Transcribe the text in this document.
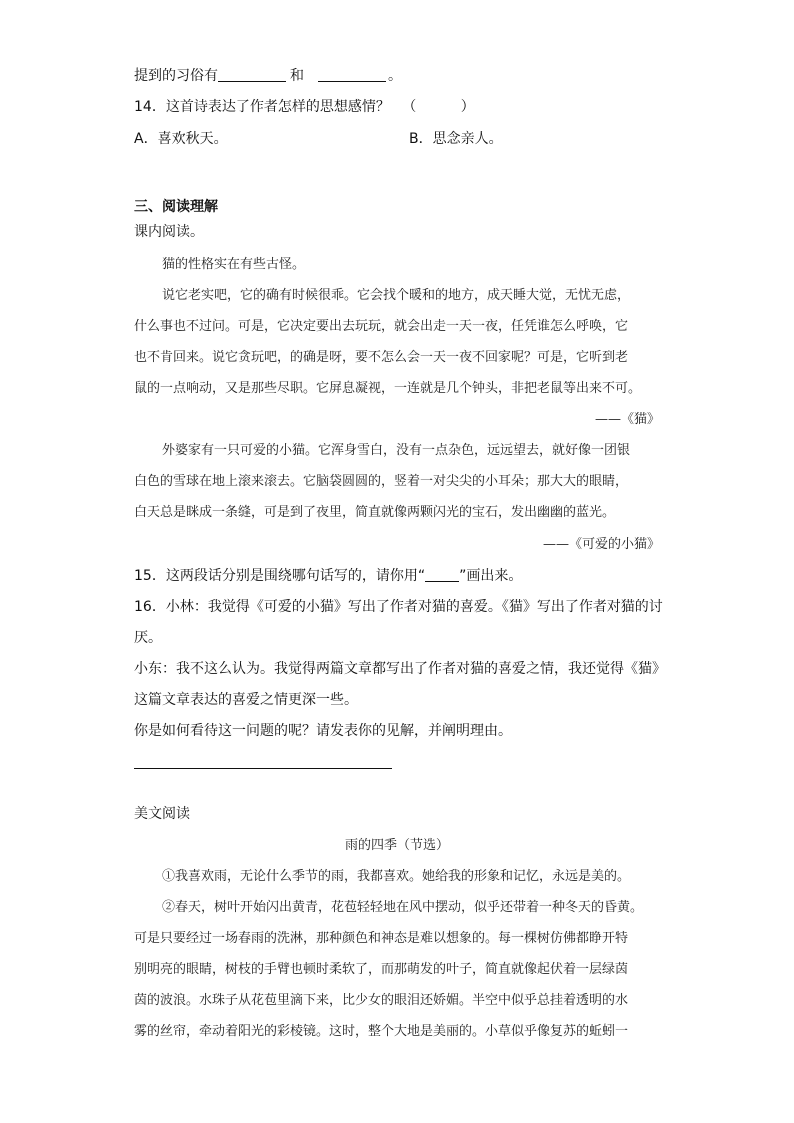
提到的习俗有	和	。
14．这首诗表达了作者怎样的思想感情？ （          ）
A．喜欢秋天。	B．思念亲人。
三、阅读理解
课内阅读。
猫的性格实在有些古怪。
说它老实吧，它的确有时候很乖。它会找个暖和的地方，成天睡大觉，无忧无虑，
什么事也不过问。可是，它决定要出去玩玩，就会出走一天一夜，任凭谁怎么呼唤，它
也不肯回来。说它贪玩吧，的确是呀，要不怎么会一天一夜不回家呢？可是，它听到老
鼠的一点响动，又是那些尽职。它屏息凝视，一连就是几个钟头，非把老鼠等出来不可。
——《猫》
外婆家有一只可爱的小猫。它浑身雪白，没有一点杂色，远远望去，就好像一团银
白色的雪球在地上滚来滚去。它脑袋圆圆的，竖着一对尖尖的小耳朵；那大大的眼睛，
白天总是眯成一条缝，可是到了夜里，简直就像两颗闪光的宝石，发出幽幽的蓝光。
——《可爱的小猫》
15．这两段话分别是围绕哪句话写的，请你用“ ”画出来。
16．小林：我觉得《可爱的小猫》写出了作者对猫的喜爱。《猫》写出了作者对猫的讨
厌。
小东：我不这么认为。我觉得两篇文章都写出了作者对猫的喜爱之情，我还觉得《猫》
这篇文章表达的喜爱之情更深一些。
你是如何看待这一问题的呢？请发表你的见解，并阐明理由。
美文阅读
雨的四季（节选）
①我喜欢雨，无论什么季节的雨，我都喜欢。她给我的形象和记忆，永远是美的。
②春天，树叶开始闪出黄青，花苞轻轻地在风中摆动，似乎还带着一种冬天的昏黄。
可是只要经过一场春雨的洗淋，那种颜色和神态是难以想象的。每一棵树仿佛都睁开特
别明亮的眼睛，树枝的手臂也顿时柔软了，而那萌发的叶子，简直就像起伏着一层绿茵
茵的波浪。水珠子从花苞里滴下来，比少女的眼泪还娇媚。半空中似乎总挂着透明的水
雾的丝帘，牵动着阳光的彩棱镜。这时，整个大地是美丽的。小草似乎像复苏的蚯蚓一
